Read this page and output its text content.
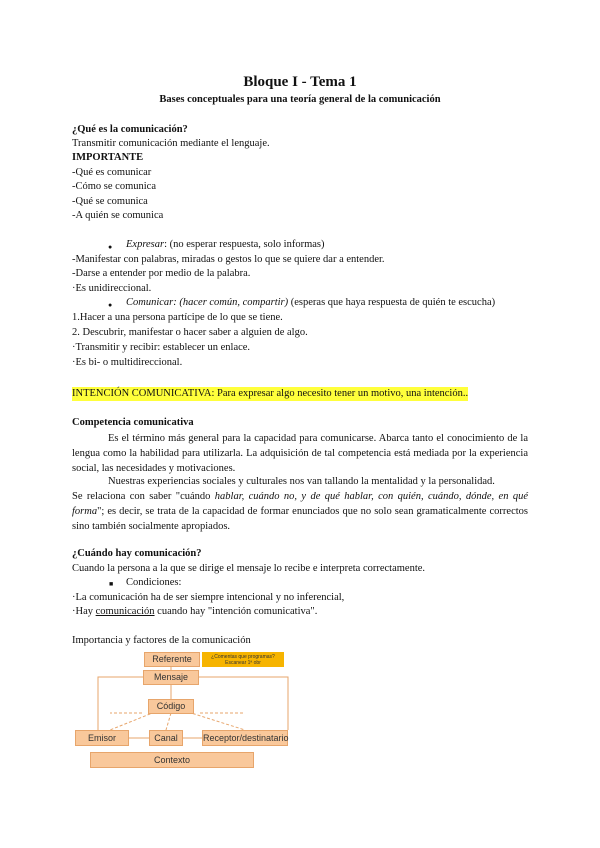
Bloque I - Tema 1
Bases conceptuales para una teoría general de la comunicación
¿Qué es la comunicación?
Transmitir comunicación mediante el lenguaje.
IMPORTANTE
-Qué es comunicar
-Cómo se comunica
-Qué se comunica
-A quién se comunica
● Expresar: (no esperar respuesta, solo informas)
-Manifestar con palabras, miradas o gestos lo que se quiere dar a entender.
-Darse a entender por medio de la palabra.
·Es unidireccional.
● Comunicar: (hacer común, compartir) (esperas que haya respuesta de quién te escucha)
1.Hacer a una persona partícipe de lo que se tiene.
2. Descubrir, manifestar o hacer saber a alguien de algo.
·Transmitir y recibir: establecer un enlace.
·Es bi- o multidireccional.
INTENCIÓN COMUNICATIVA: Para expresar algo necesito tener un motivo, una intención..
Competencia comunicativa
Es el término más general para la capacidad para comunicarse. Abarca tanto el conocimiento de la lengua como la habilidad para utilizarla. La adquisición de tal competencia está mediada por la experiencia social, las necesidades y motivaciones.
Nuestras experiencias sociales y culturales nos van tallando la mentalidad y la personalidad.
Se relaciona con saber "cuándo hablar, cuándo no, y de qué hablar, con quién, cuándo, dónde, en qué forma"; es decir, se trata de la capacidad de formar enunciados que no solo sean gramaticalmente correctos sino también socialmente apropiados.
¿Cuándo hay comunicación?
Cuando la persona a la que se dirige el mensaje lo recibe e interpreta correctamente.
■ Condiciones:
·La comunicación ha de ser siempre intencional y no inferencial,
·Hay comunicación cuando hay "intención comunicativa".
Importancia y factores de la comunicación
Referente	¿Comentas que programas?
Escanear 1ª obr
Mensaje
Código
Emisor	Canal	Receptor/destinatario
Contexto
